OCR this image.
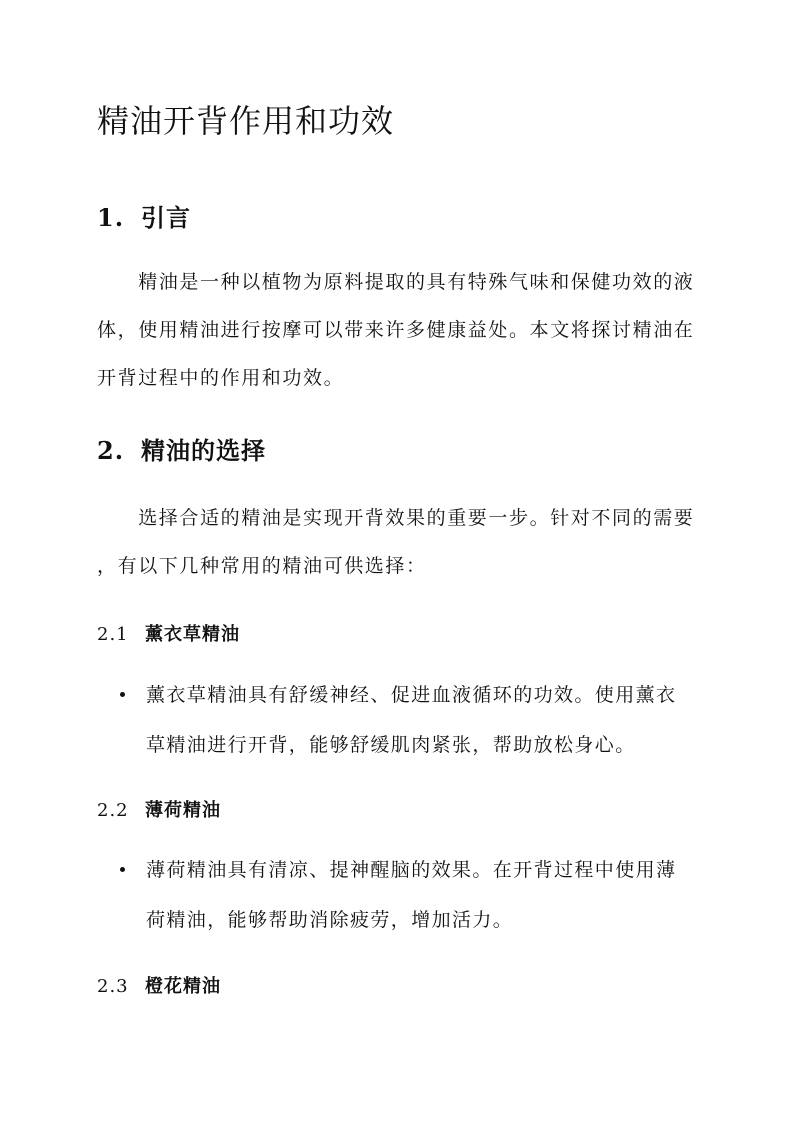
精油开背作用和功效
1. 引言

　　精油是一种以植物为原料提取的具有特殊气味和保健功效的液
体，使用精油进行按摩可以带来许多健康益处。本文将探讨精油在
开背过程中的作用和功效。

2. 精油的选择

　　选择合适的精油是实现开背效果的重要一步。针对不同的需要
，有以下几种常用的精油可供选择：

2.1 薰衣草精油
薰衣草精油具有舒缓神经、促进血液循环的功效。使用薰衣
草精油进行开背，能够舒缓肌肉紧张，帮助放松身心。
2.2 薄荷精油
薄荷精油具有清凉、提神醒脑的效果。在开背过程中使用薄
荷精油，能够帮助消除疲劳，增加活力。
2.3 橙花精油
